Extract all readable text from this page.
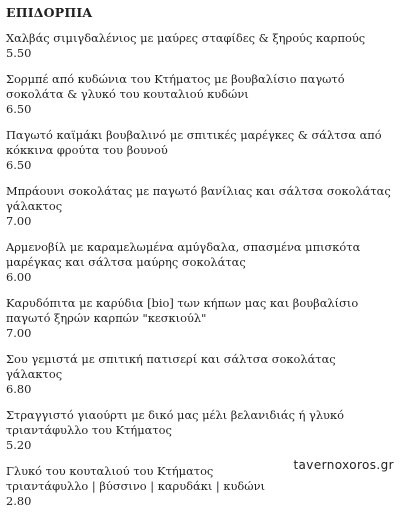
ΕΠΙΔΟΡΠΙΑ
Χαλβάς σιμιγδαλένιος με μαύρες σταφίδες & ξηρούς καρπούς
5.50
Σορμπέ από κυδώνια του Κτήματος με βουβαλίσιο παγωτό σοκολάτα & γλυκό του κουταλιού κυδώνι
6.50
Παγωτό καϊμάκι βουβαλινό με σπιτικές μαρέγκες & σάλτσα από κόκκινα φρούτα του βουνού
6.50
Μπράουνι σοκολάτας με παγωτό βανίλιας και σάλτσα σοκολάτας γάλακτος
7.00
Αρμενοβίλ με καραμελωμένα αμύγδαλα, σπασμένα μπισκότα μαρέγκας και σάλτσα μαύρης σοκολάτας
6.00
Καρυδόπιτα με καρύδια [bio] των κήπων μας και βουβαλίσιο παγωτό ξηρών καρπών "κεσκιούλ"
7.00
Σου γεμιστά με σπιτική πατισερί και σάλτσα σοκολάτας γάλακτος
6.80
Στραγγιστό γιαούρτι με δικό μας μέλι βελανιδιάς ή γλυκό τριαντάφυλλο του Κτήματος
5.20
Γλυκό του κουταλιού του Κτήματος
τριαντάφυλλο | βύσσινο | καρυδάκι | κυδώνι
2.80
tavernoxoros.gr
